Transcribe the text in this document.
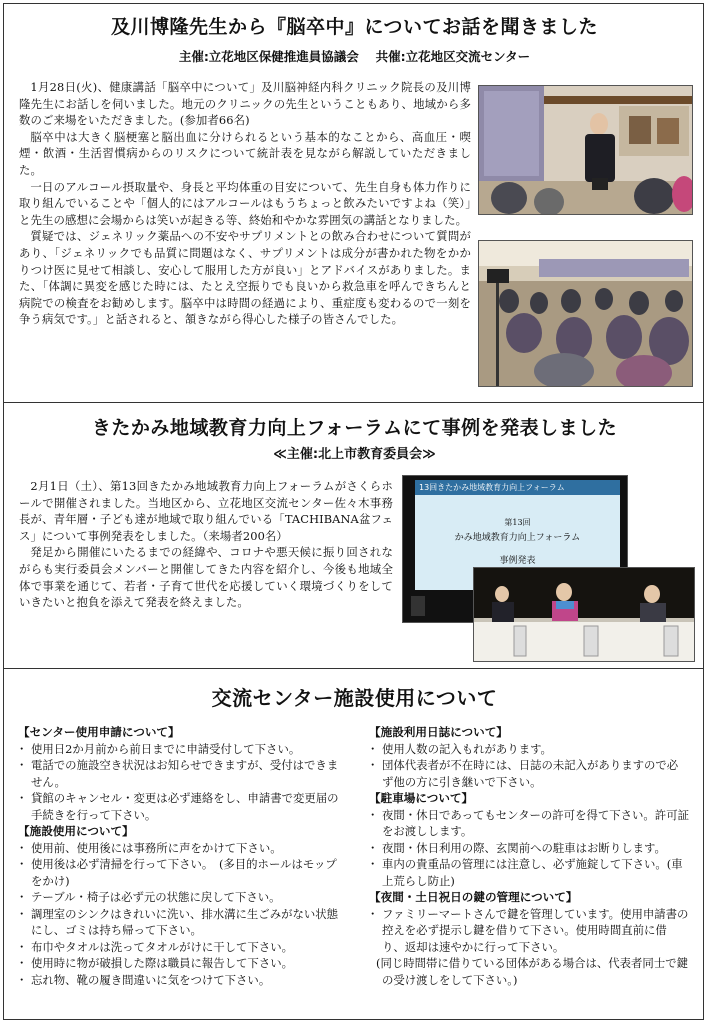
及川博隆先生から『脳卒中』についてお話を聞きました
主催:立花地区保健推進員協議会　 共催:立花地区交流センター

1月28日(火)、健康講話「脳卒中について」及川脳神経内科クリニック院長の及川博隆先生にお話しを伺いました。地元のクリニックの先生ということもあり、地域から多数のご来場をいただきました。(参加者66名)

脳卒中は大きく脳梗塞と脳出血に分けられるという基本的なことから、高血圧・喫煙・飲酒・生活習慣病からのリスクについて統計表を見ながら解説していただきました。

一日のアルコール摂取量や、身長と平均体重の目安について、先生自身も体力作りに取り組んでいることや「個人的にはアルコールはもうちょっと飲みたいですよね（笑）」と先生の感想に会場からは笑いが起きる等、終始和やかな雰囲気の講話となりました。

質疑では、ジェネリック薬品への不安やサプリメントとの飲み合わせについて質問があり、「ジェネリックでも品質に問題はなく、サプリメントは成分が書かれた物をかかりつけ医に見せて相談し、安心して服用した方が良い」とアドバイスがありました。また、「体調に異変を感じた時には、たとえ空振りでも良いから救急車を呼んできちんと病院での検査をお勧めします。脳卒中は時間の経過により、重症度も変わるので一刻を争う病気です。」と話されると、頷きながら得心した様子の皆さんでした。

きたかみ地域教育力向上フォーラムにて事例を発表しました
≪主催:北上市教育委員会≫

2月1日（土）、第13回きたかみ地域教育力向上フォーラムがさくらホールで開催されました。当地区から、立花地区交流センター佐々木事務長が、青年層・子ども達が地域で取り組んでいる「TACHIBANA盆フェス」について事例発表をしました。（来場者200名）

発足から開催にいたるまでの経緯や、コロナや悪天候に振り回されながらも実行委員会メンバーと開催してきた内容を紹介し、今後も地域全体で事業を通じて、若者・子育て世代を応援していく環境づくりをしていきたいと抱負を添えて発表を終えました。

13回きたかみ地域教育力向上フォーラム
第13回
かみ地域教育力向上フォーラム
事例発表
交流センター施設使用について

【センター使用申請について】

・ 使用日2か月前から前日までに申請受付して下さい。
・ 電話での施設空き状況はお知らせできますが、受付はできません。
・ 貸館のキャンセル・変更は必ず連絡をし、申請書で変更届の手続きを行って下さい。

【施設使用について】

・ 使用前、使用後には事務所に声をかけて下さい。
・ 使用後は必ず清掃を行って下さい。　(多目的ホールはモップをかけ)
・ テーブル・椅子は必ず元の状態に戻して下さい。
・ 調理室のシンクはきれいに洗い、排水溝に生ごみがない状態にし、ゴミは持ち帰って下さい。
・ 布巾やタオルは洗ってタオルがけに干して下さい。
・ 使用時に物が破損した際は職員に報告して下さい。
・ 忘れ物、靴の履き間違いに気をつけて下さい。

【施設利用日誌について】

・ 使用人数の記入もれがあります。
・ 団体代表者が不在時には、日誌の未記入がありますので必ず他の方に引き継いで下さい。

【駐車場について】

・ 夜間・休日であってもセンターの許可を得て下さい。許可証をお渡しします。
・ 夜間・休日利用の際、玄関前への駐車はお断りします。
・ 車内の貴重品の管理には注意し、必ず施錠して下さい。(車上荒らし防止)

【夜間・土日祝日の鍵の管理について】

・ ファミリーマートさんで鍵を管理しています。使用申請書の控えを必ず提示し鍵を借りて下さい。使用時間直前に借り、返却は速やかに行って下さい。

(同じ時間帯に借りている団体がある場合は、代表者同士で鍵の受け渡しをして下さい。)
